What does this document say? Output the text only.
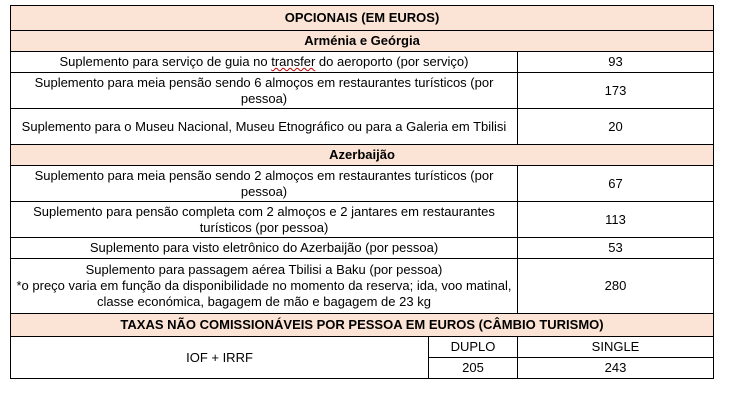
OPCIONAIS (EM EUROS)		
Arménia e Geórgia		
Suplemento para serviço de guia no transfer do aeroporto (por serviço)		93
Suplemento para meia pensão sendo 6 almoços em restaurantes turísticos (por pessoa)		173
Suplemento para o Museu Nacional, Museu Etnográfico ou para a Galeria em Tbilisi		20
Azerbaijão		
Suplemento para meia pensão sendo 2 almoços em restaurantes turísticos (por pessoa)		67
Suplemento para pensão completa com 2 almoços e 2 jantares em restaurantes turísticos (por pessoa)		113
Suplemento para visto eletrônico do Azerbaijão (por pessoa)		53

Suplemento para passagem aérea Tbilisi a Baku (por pessoa)
*o preço varia em função da disponibilidade no momento da reserva; ida, voo matinal, classe económica, bagagem de mão e bagagem de 23 kg		280
TAXAS NÃO COMISSIONÁVEIS POR PESSOA EM EUROS (CÂMBIO TURISMO)		
IOF + IRRF	DUPLO	SINGLE
	205	243
